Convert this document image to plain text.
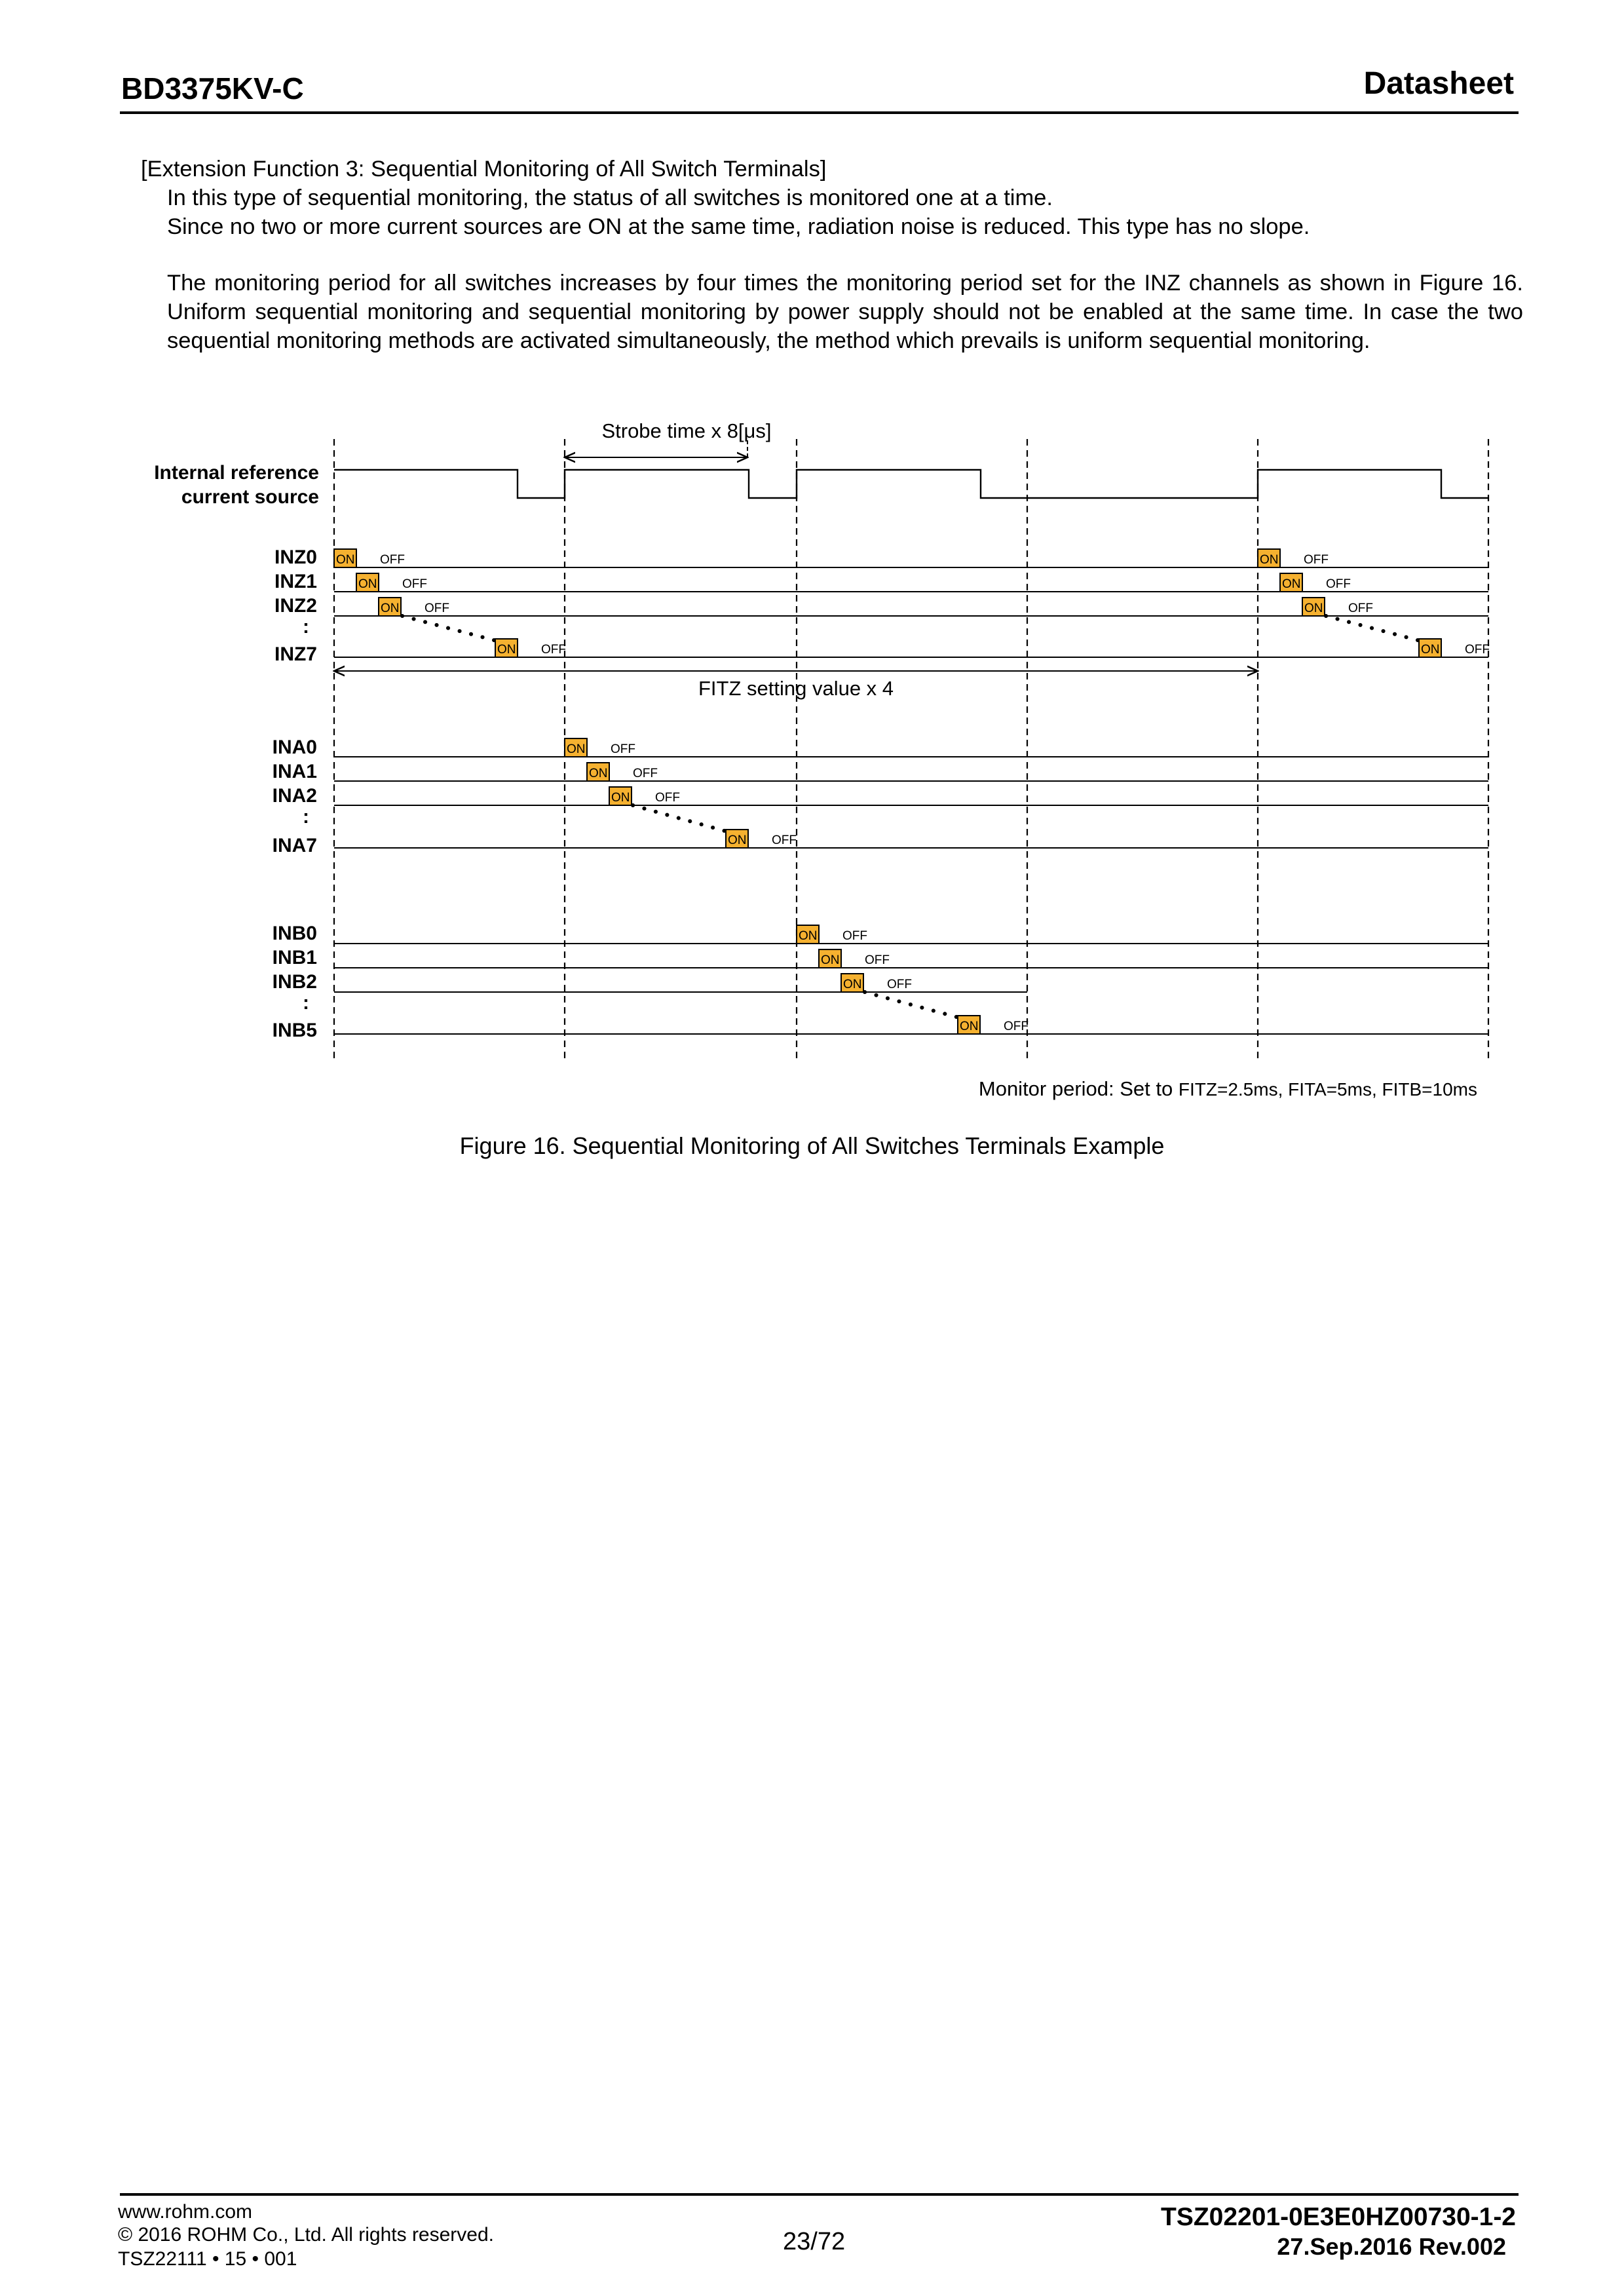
BD3375KV-C	Datasheet
[Extension Function 3: Sequential Monitoring of All Switch Terminals]
In this type of sequential monitoring, the status of all switches is monitored one at a time.
Since no two or more current sources are ON at the same time, radiation noise is reduced. This type has no slope.
The monitoring period for all switches increases by four times the monitoring period set for the INZ channels as shown in Figure 16. Uniform sequential monitoring and sequential monitoring by power supply should not be enabled at the same time. In case the two sequential monitoring methods are activated simultaneously, the method which prevails is uniform sequential monitoring.
Strobe time x 8[μs]
Internal reference
current source
INZ0
INZ1
INZ2
:
INZ7
ON
ON
ON
ON
ON
ON
ON
ON
OFF
OFF
OFF
OFF
OFF
OFF
OFF
OFF
FITZ setting value x 4
INA0
INA1
INA2
:
INA7
ON
ON
ON
ON
OFF
OFF
OFF
OFF
INB0
INB1
INB2
:
INB5
ON
ON
ON
ON
OFF
OFF
OFF
OFF
Monitor period: Set to FITZ=2.5ms, FITA=5ms, FITB=10ms
Figure 16. Sequential Monitoring of All Switches Terminals Example
www.rohm.com
© 2016 ROHM Co., Ltd. All rights reserved.
TSZ22111 • 15 • 001
23/72
TSZ02201-0E3E0HZ00730-1-2
27.Sep.2016 Rev.002
